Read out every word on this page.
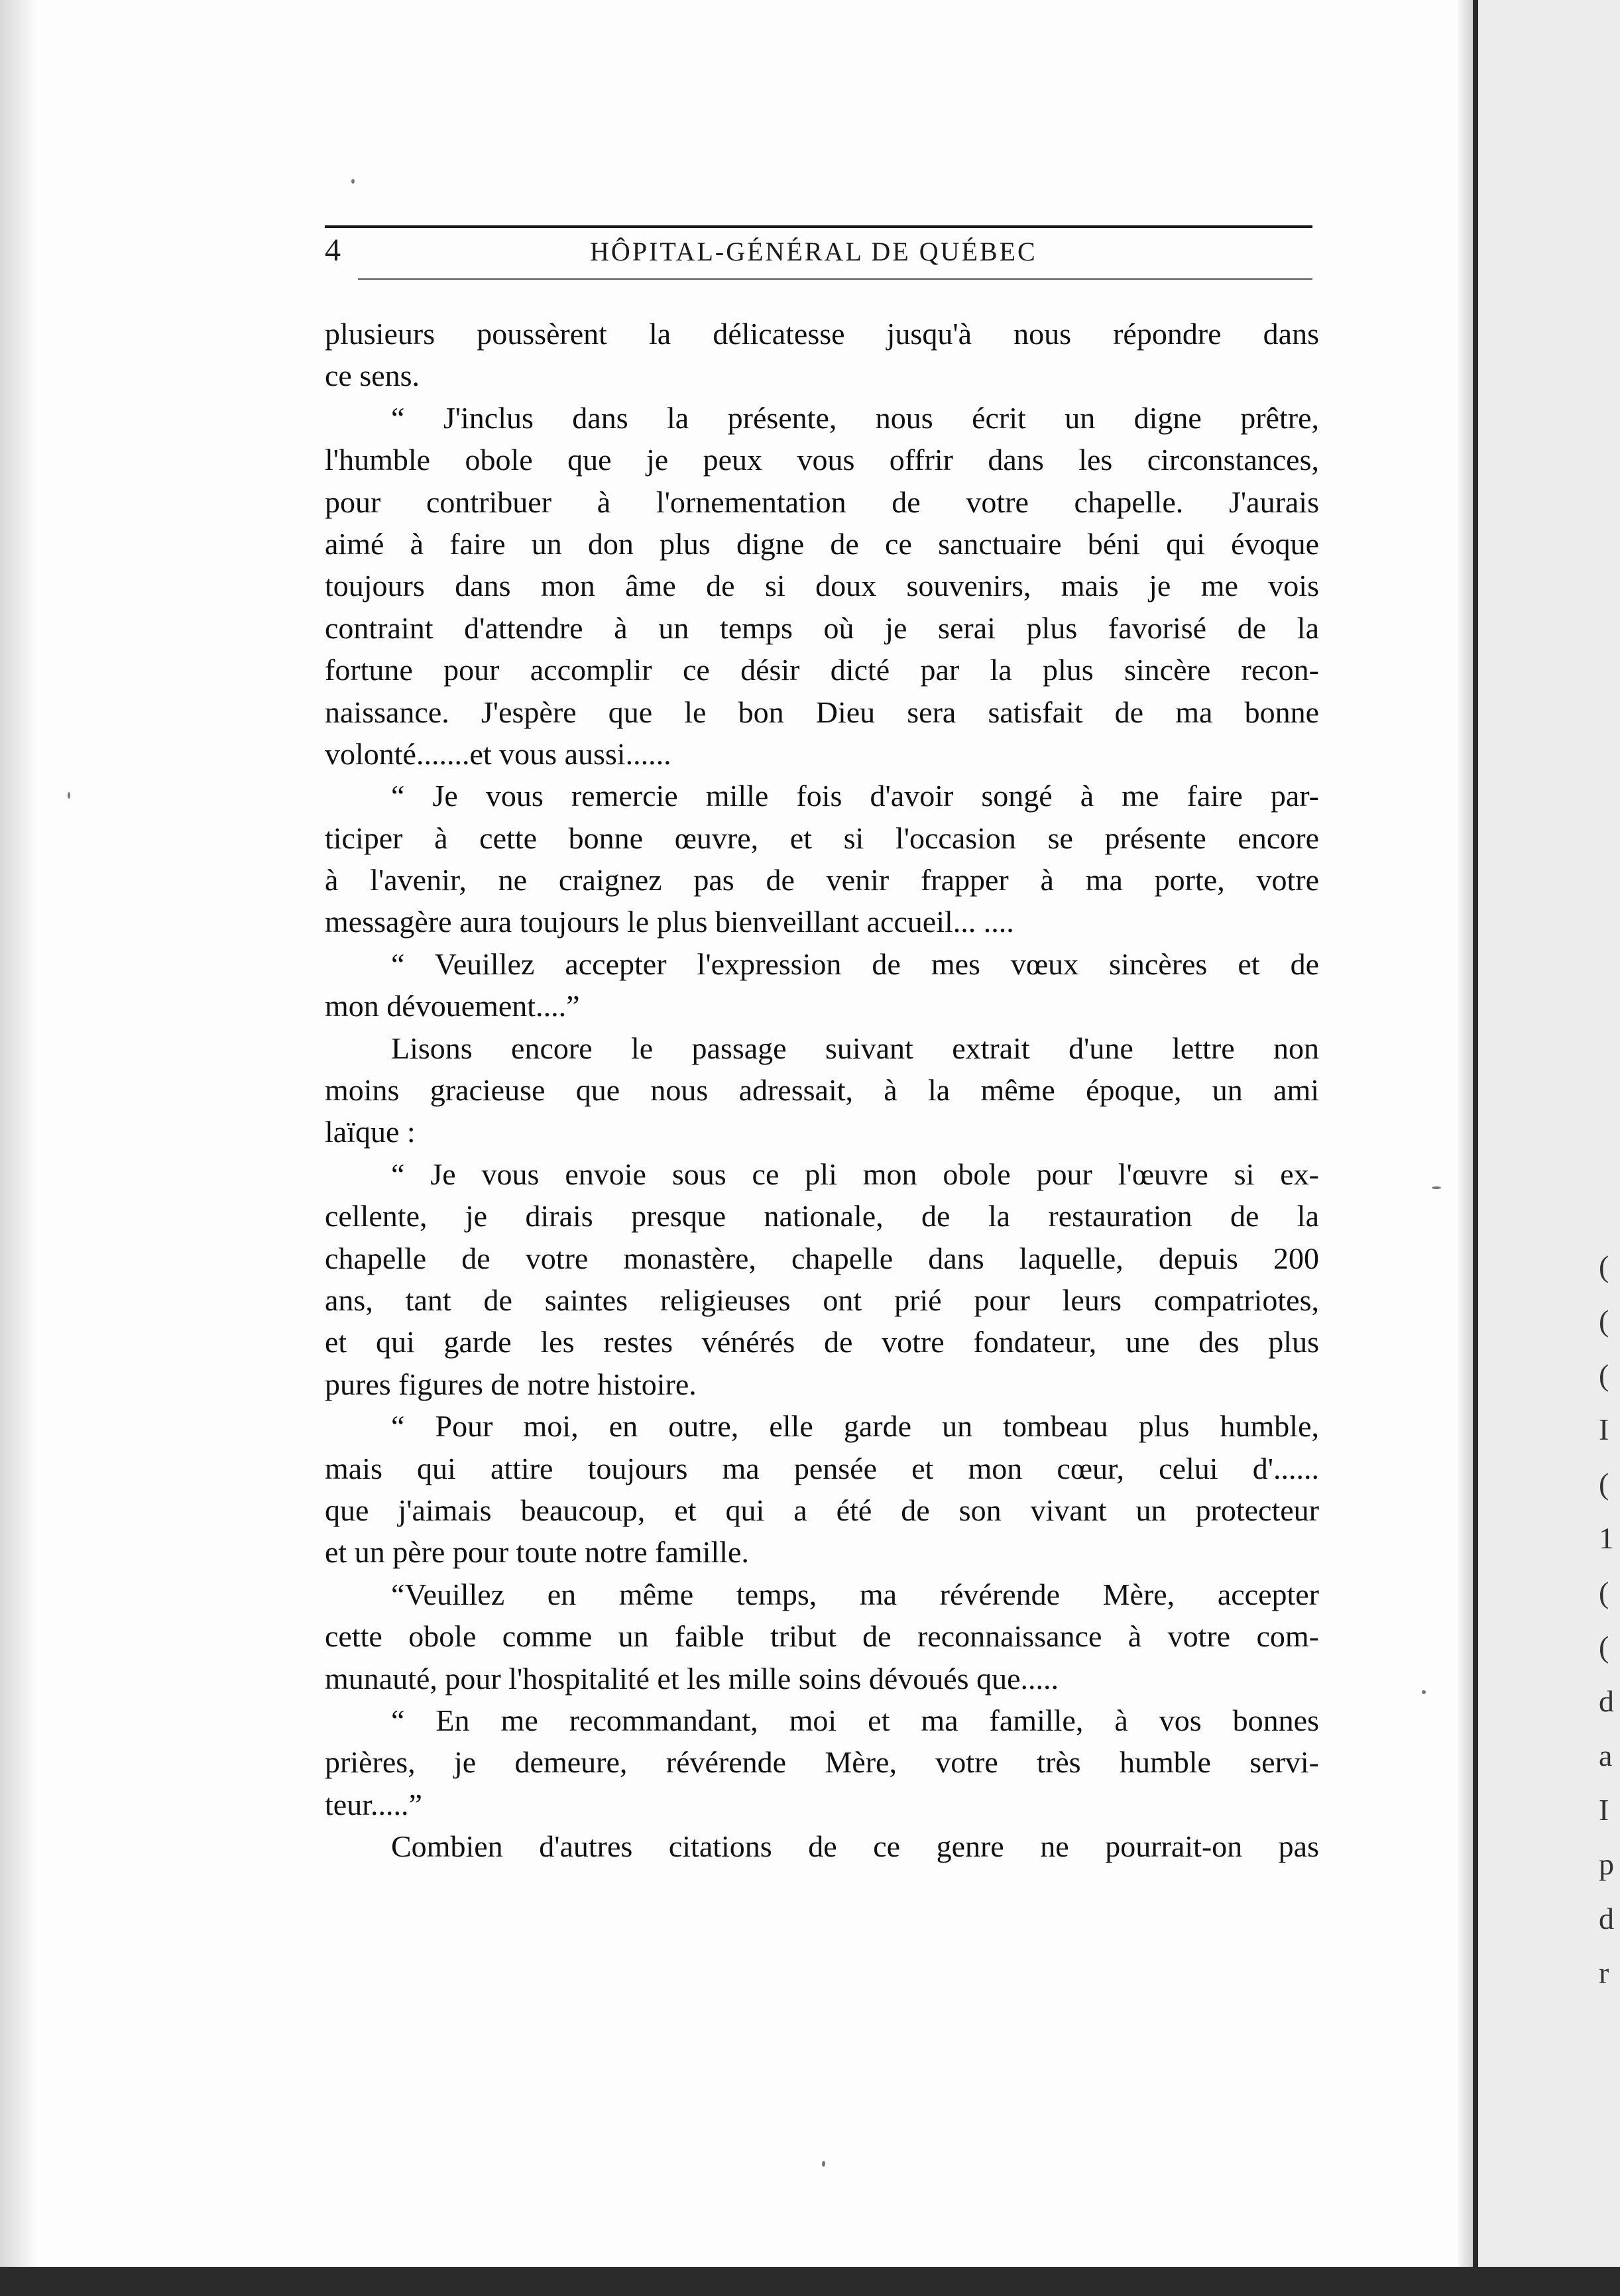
(
(
(
I
(
1
(
(
d
a
I
p
d
r
4	HÔPITAL-GÉNÉRAL DE QUÉBEC
plusieurs poussèrent la délicatesse jusqu'à nous répondre dans
ce sens.
“ J'inclus dans la présente, nous écrit un digne prêtre,
l'humble obole que je peux vous offrir dans les circonstances,
pour contribuer à l'ornementation de votre chapelle. J'aurais
aimé à faire un don plus digne de ce sanctuaire béni qui évoque
toujours dans mon âme de si doux souvenirs, mais je me vois
contraint d'attendre à un temps où je serai plus favorisé de la
fortune pour accomplir ce désir dicté par la plus sincère recon-
naissance. J'espère que le bon Dieu sera satisfait de ma bonne
volonté.......et vous aussi......
“ Je vous remercie mille fois d'avoir songé à me faire par-
ticiper à cette bonne œuvre, et si l'occasion se présente encore
à l'avenir, ne craignez pas de venir frapper à ma porte, votre
messagère aura toujours le plus bienveillant accueil... ....
“ Veuillez accepter l'expression de mes vœux sincères et de
mon dévouement....”
Lisons encore le passage suivant extrait d'une lettre non
moins gracieuse que nous adressait, à la même époque, un ami
laïque :
“ Je vous envoie sous ce pli mon obole pour l'œuvre si ex-
cellente, je dirais presque nationale, de la restauration de la
chapelle de votre monastère, chapelle dans laquelle, depuis 200
ans, tant de saintes religieuses ont prié pour leurs compatriotes,
et qui garde les restes vénérés de votre fondateur, une des plus
pures figures de notre histoire.
“ Pour moi, en outre, elle garde un tombeau plus humble,
mais qui attire toujours ma pensée et mon cœur, celui d'......
que j'aimais beaucoup, et qui a été de son vivant un protecteur
et un père pour toute notre famille.
“Veuillez en même temps, ma révérende Mère, accepter
cette obole comme un faible tribut de reconnaissance à votre com-
munauté, pour l'hospitalité et les mille soins dévoués que.....
“ En me recommandant, moi et ma famille, à vos bonnes
prières, je demeure, révérende Mère, votre très humble servi-
teur.....”
Combien d'autres citations de ce genre ne pourrait-on pas
